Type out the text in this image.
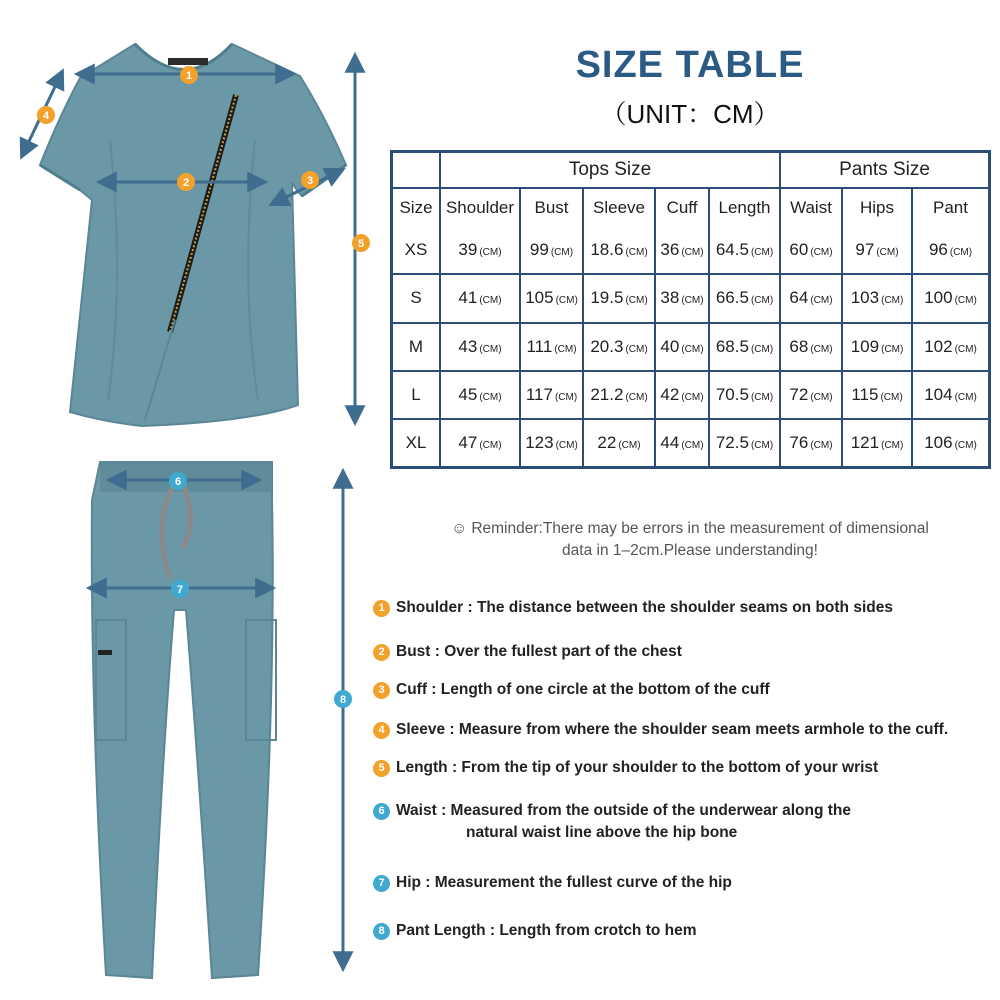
1
2	3
4
5
6
7
8
SIZE TABLE
（UNIT：CM）
	Tops Size					Pants Size		
Size	Shoulder	Bust	Sleeve	Cuff	Length	Waist	Hips	Pant
XS	39 (CM)	99 (CM)	18.6 (CM)	36 (CM)	64.5 (CM)	60 (CM)	97 (CM)	96 (CM)
S	41 (CM)	105 (CM)	19.5 (CM)	38 (CM)	66.5 (CM)	64 (CM)	103 (CM)	100 (CM)
M	43 (CM)	111 (CM)	20.3 (CM)	40 (CM)	68.5 (CM)	68 (CM)	109 (CM)	102 (CM)
L	45 (CM)	117 (CM)	21.2 (CM)	42 (CM)	70.5 (CM)	72 (CM)	115 (CM)	104 (CM)
XL	47 (CM)	123 (CM)	22 (CM)	44 (CM)	72.5 (CM)	76 (CM)	121 (CM)	106 (CM)
☺ Reminder:There may be errors in the measurement of dimensional
data in 1–2cm.Please understanding!
1 Shoulder : The distance between the shoulder seams on both sides
2 Bust : Over the fullest part of the chest
3 Cuff : Length of one circle at the bottom of the cuff
4 Sleeve : Measure from where the shoulder seam meets armhole to the cuff.
5 Length : From the tip of your shoulder to the bottom of your wrist
6 Waist : Measured from the outside of the underwear along the
natural waist line above the hip bone
7 Hip : Measurement the fullest curve of the hip
8 Pant Length : Length from crotch to hem
